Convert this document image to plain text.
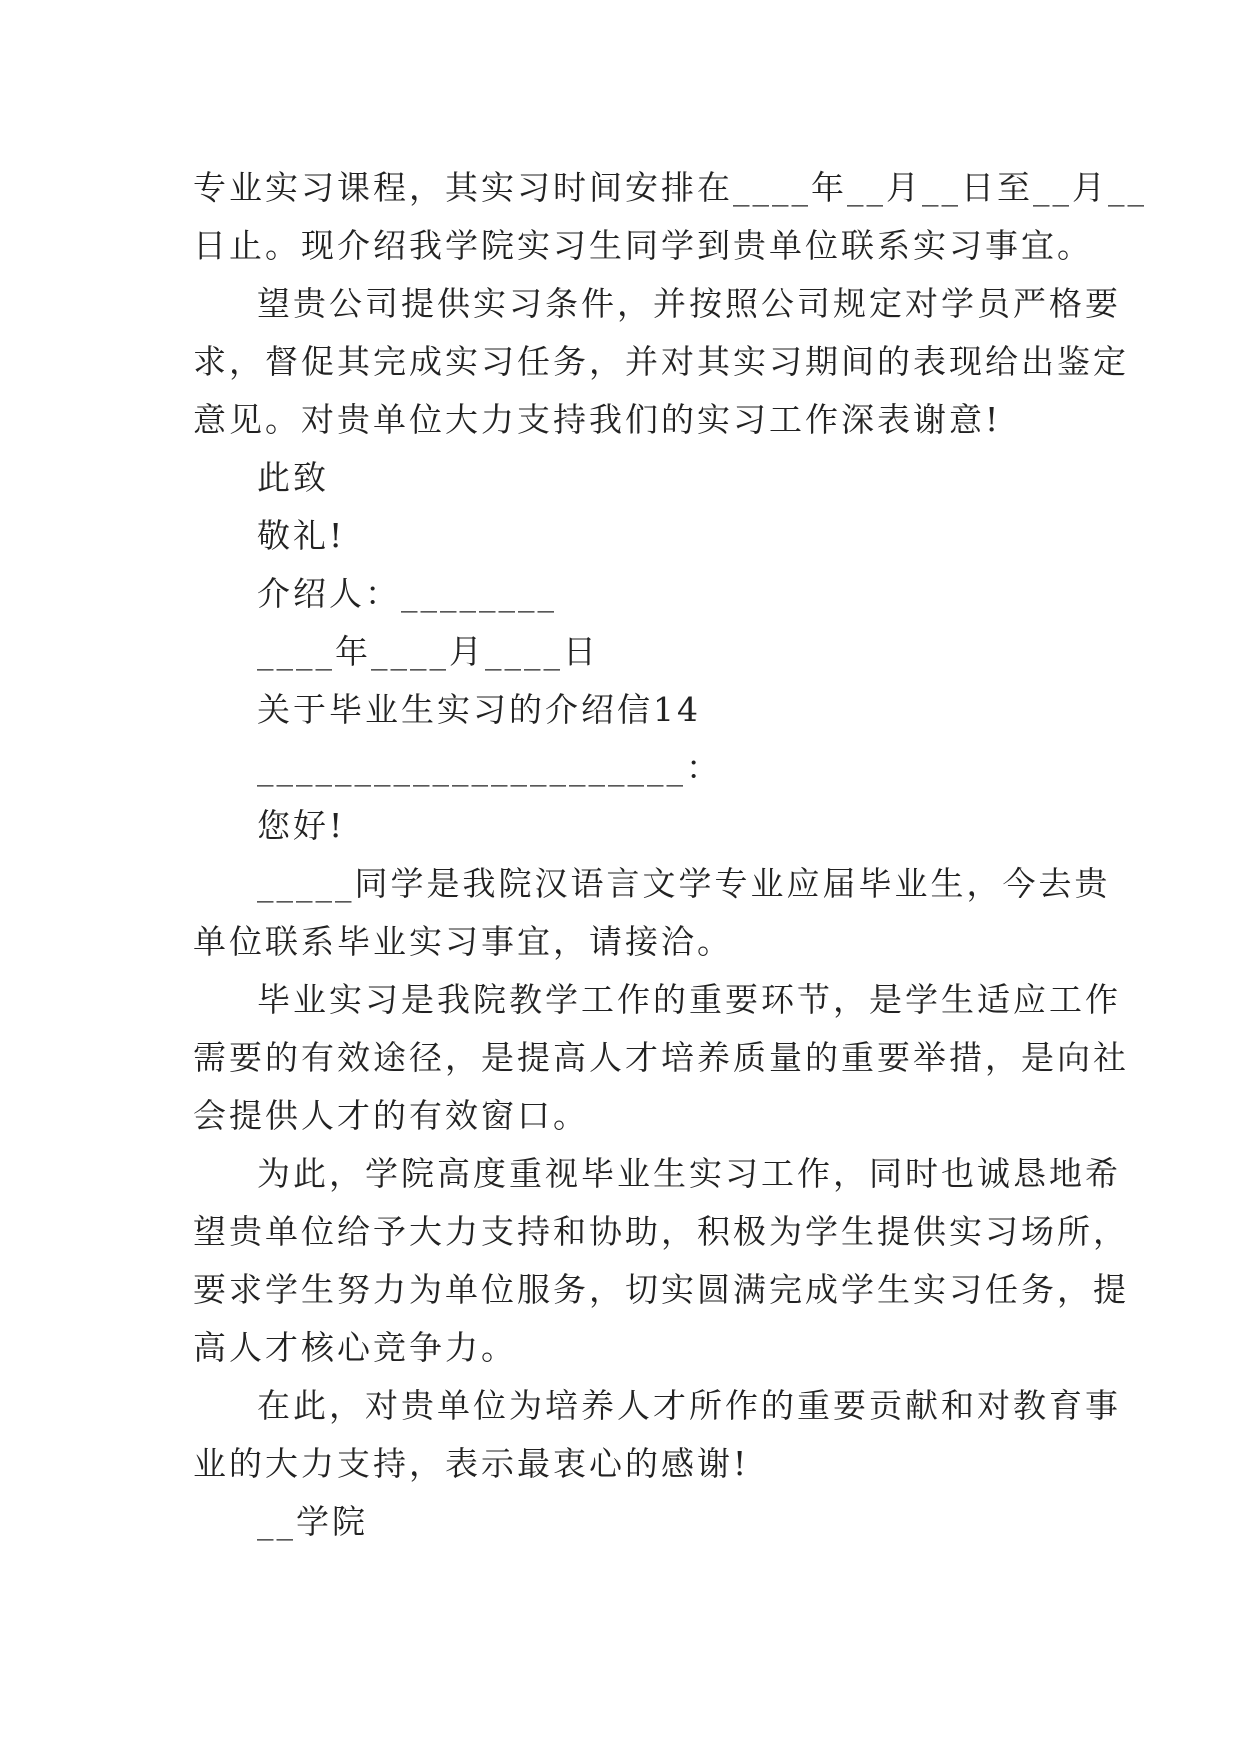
专业实习课程，其实习时间安排在____年__月__日至__月__
日止。现介绍我学院实习生同学到贵单位联系实习事宜。
望贵公司提供实习条件，并按照公司规定对学员严格要
求，督促其完成实习任务，并对其实习期间的表现给出鉴定
意见。对贵单位大力支持我们的实习工作深表谢意!
此致
敬礼!
介绍人：________
____年____月____日
关于毕业生实习的介绍信14
______________________：
您好!
_____同学是我院汉语言文学专业应届毕业生，今去贵
单位联系毕业实习事宜，请接洽。
毕业实习是我院教学工作的重要环节，是学生适应工作
需要的有效途径，是提高人才培养质量的重要举措，是向社
会提供人才的有效窗口。
为此，学院高度重视毕业生实习工作，同时也诚恳地希
望贵单位给予大力支持和协助，积极为学生提供实习场所，
要求学生努力为单位服务，切实圆满完成学生实习任务，提
高人才核心竞争力。
在此，对贵单位为培养人才所作的重要贡献和对教育事
业的大力支持，表示最衷心的感谢!
__学院
